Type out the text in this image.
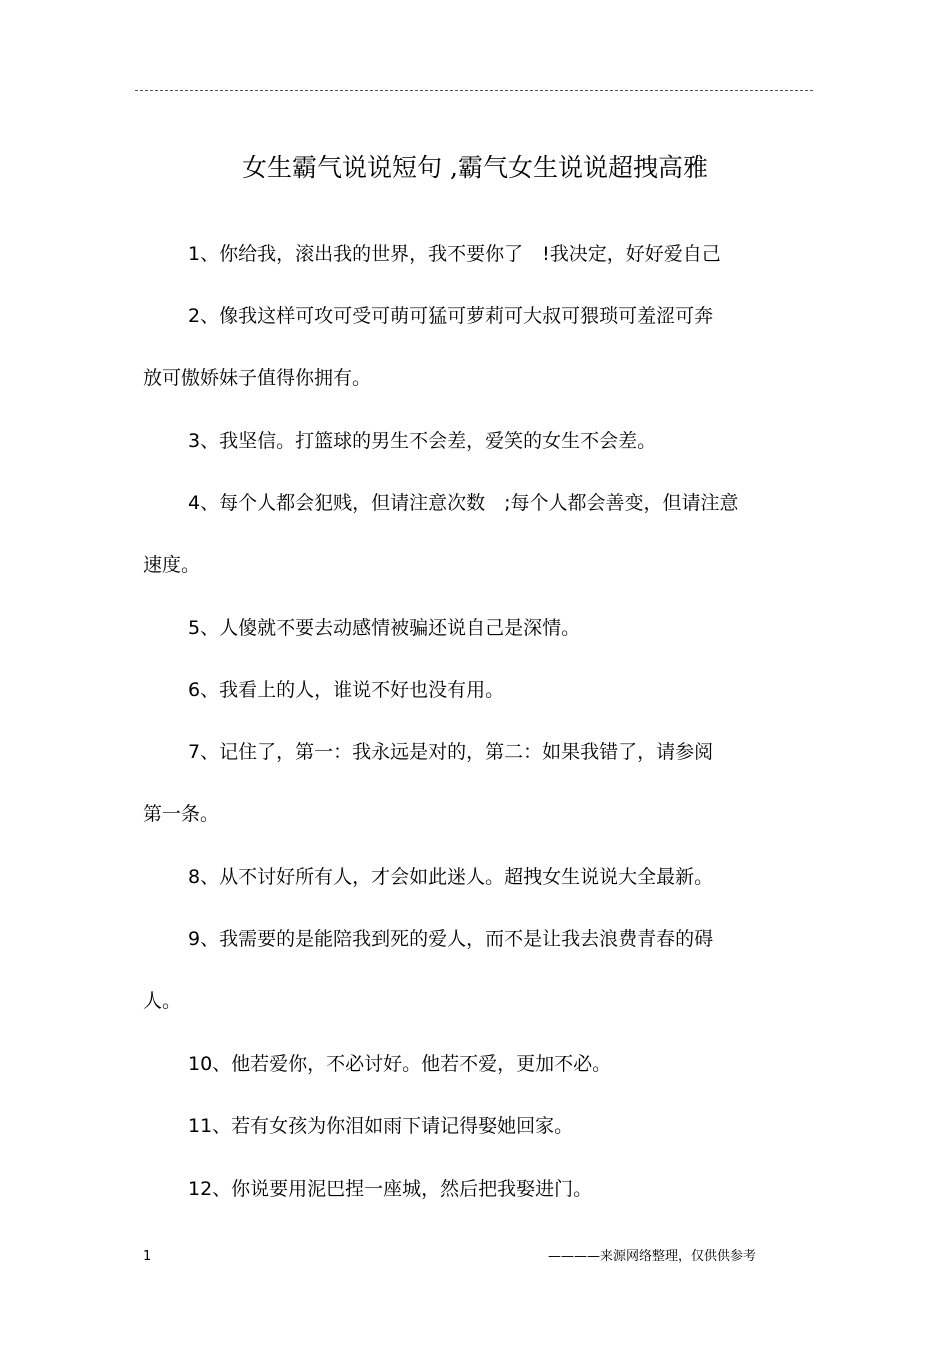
女生霸气说说短句 ,霸气女生说说超拽高雅
1、你给我，滚出我的世界，我不要你了　!我决定，好好爱自己
2、像我这样可攻可受可萌可猛可萝莉可大叔可猥琐可羞涩可奔
放可傲娇妹子值得你拥有。
3、我坚信。打篮球的男生不会差，爱笑的女生不会差。
4、每个人都会犯贱，但请注意次数　;每个人都会善变，但请注意
速度。
5、人傻就不要去动感情被骗还说自己是深情。
6、我看上的人，谁说不好也没有用。
7、记住了，第一：我永远是对的，第二：如果我错了，请参阅
第一条。
8、从不讨好所有人，才会如此迷人。超拽女生说说大全最新。
9、我需要的是能陪我到死的爱人，而不是让我去浪费青春的碍
人。
10、他若爱你，不必讨好。他若不爱，更加不必。
11、若有女孩为你泪如雨下请记得娶她回家。
12、你说要用泥巴捏一座城，然后把我娶进门。
1	————来源网络整理，仅供供参考
